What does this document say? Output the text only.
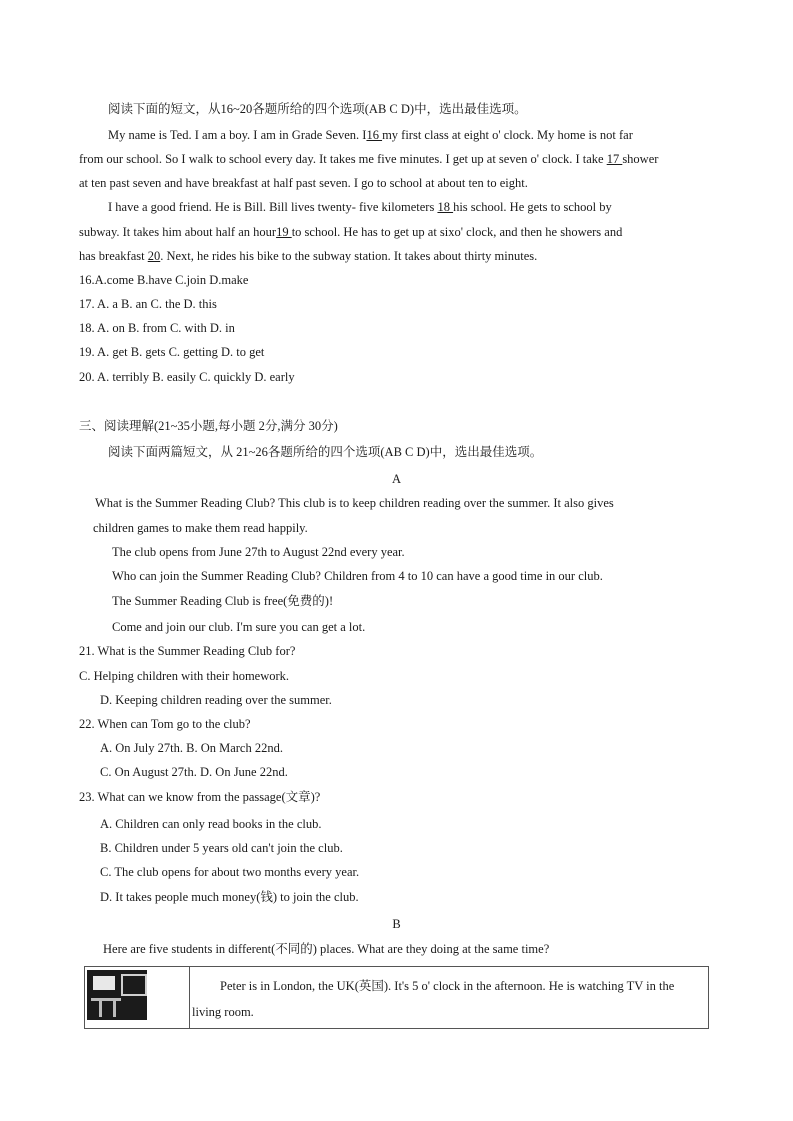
阅读下面的短文，从16~20各题所给的四个选项(AB C D)中，选出最佳选项。
My name is Ted. I am a boy. I am in Grade Seven. I16 my first class at eight o' clock. My home is not far
from our school. So I walk to school every day. It takes me five minutes. I get up at seven o' clock. I take 17 shower
at ten past seven and have breakfast at half past seven. I go to school at about ten to eight.
I have a good friend. He is Bill. Bill lives twenty- five kilometers 18 his school. He gets to school by
subway. It takes him about half an hour19 to school. He has to get up at sixo' clock, and then he showers and
has breakfast 20. Next, he rides his bike to the subway station. It takes about thirty minutes.
16.A.come B.have C.join D.make
17. A. a B. an C. the D. this
18. A. on B. from C. with D. in
19. A. get B. gets C. getting D. to get
20. A. terribly B. easily C. quickly D. early
三、阅读理解(21~35小题,每小题 2分,满分 30分)
阅读下面两篇短文，从 21~26各题所给的四个选项(AB C D)中，选出最佳选项。
A
What is the Summer Reading Club? This club is to keep children reading over the summer. It also gives
children games to make them read happily.
The club opens from June 27th to August 22nd every year.
Who can join the Summer Reading Club? Children from 4 to 10 can have a good time in our club.
The Summer Reading Club is free(免费的)!
Come and join our club. I'm sure you can get a lot.
21. What is the Summer Reading Club for?
C. Helping children with their homework.
D. Keeping children reading over the summer.
22. When can Tom go to the club?
A. On July 27th. B. On March 22nd.
C. On August 27th. D. On June 22nd.
23. What can we know from the passage(文章)?
A. Children can only read books in the club.
B. Children under 5 years old can't join the club.
C. The club opens for about two months every year.
D. It takes people much money(钱) to join the club.
B
Here are five students in different(不同的) places. What are they doing at the same time?

Peter is in London, the UK(英国). It's 5 o' clock in the afternoon. He is watching TV in the living room.
